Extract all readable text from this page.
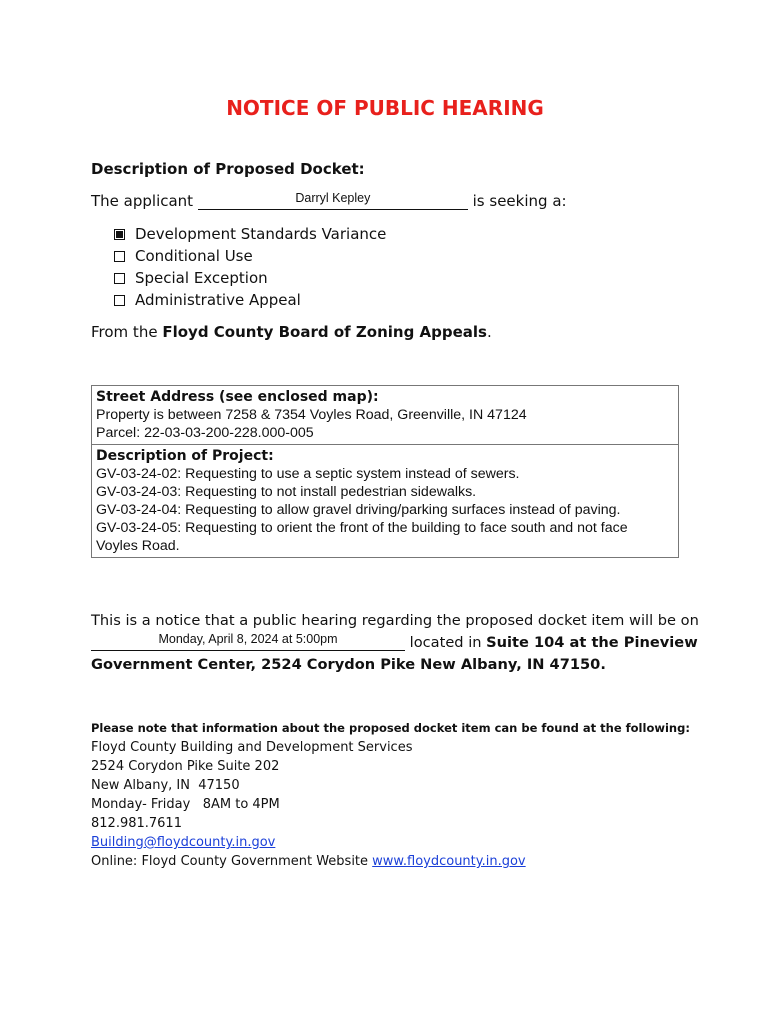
NOTICE OF PUBLIC HEARING
Description of Proposed Docket:
The applicant	Darryl Kepley	is seeking a:
Development Standards Variance
Conditional Use
Special Exception
Administrative Appeal
From the Floyd County Board of Zoning Appeals.
Street Address (see enclosed map):
Property is between 7258 & 7354 Voyles Road, Greenville, IN 47124
Parcel: 22-03-03-200-228.000-005
Description of Project:
GV-03-24-02: Requesting to use a septic system instead of sewers.
GV-03-24-03: Requesting to not install pedestrian sidewalks.
GV-03-24-04: Requesting to allow gravel driving/parking surfaces instead of paving.
GV-03-24-05: Requesting to orient the front of the building to face south and not face
Voyles Road.
This is a notice that a public hearing regarding the proposed docket item will be on
Monday, April 8, 2024 at 5:00pm	located in Suite 104 at the Pineview
Government Center, 2524 Corydon Pike New Albany, IN 47150.
Please note that information about the proposed docket item can be found at the following:
Floyd County Building and Development Services
2524 Corydon Pike Suite 202
New Albany, IN  47150
Monday- Friday   8AM to 4PM
812.981.7611
Building@floydcounty.in.gov
Online: Floyd County Government Website www.floydcounty.in.gov
